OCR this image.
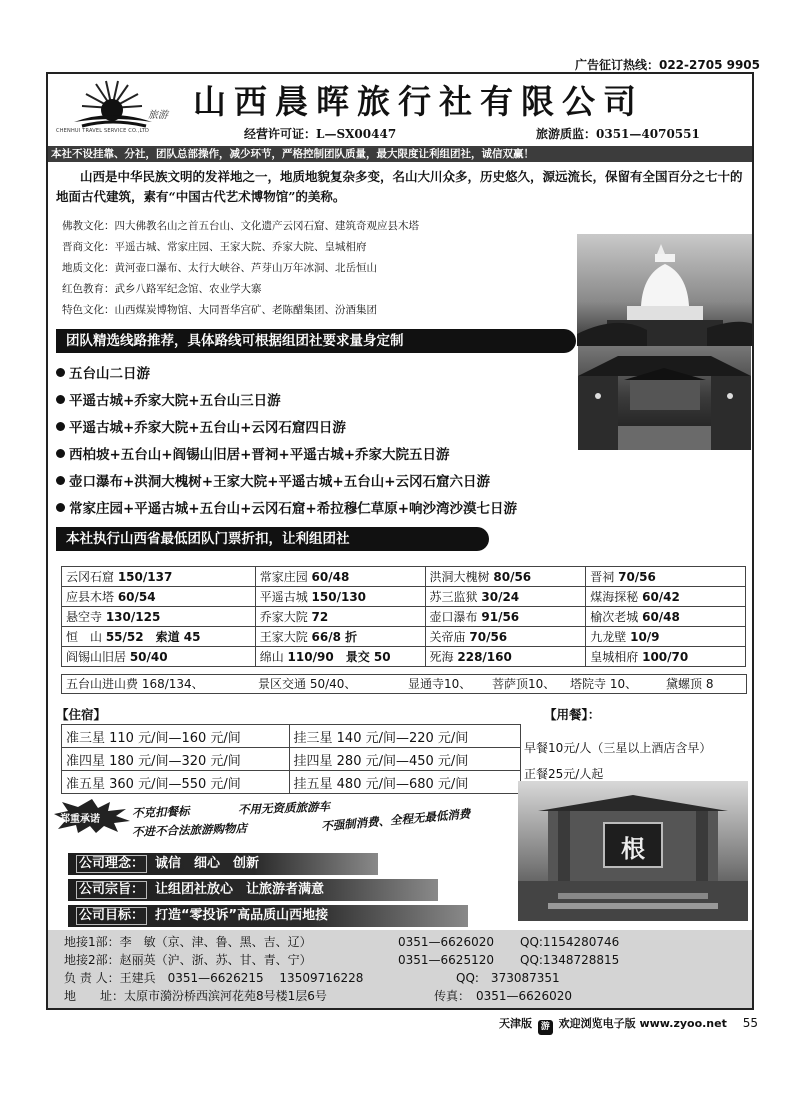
广告征订热线：022-2705 9905
CHENHUI TRAVEL SERVICE CO.,LTD
旅游 山西晨晖旅行社有限公司
经营许可证：L—SX00447	旅游质监：0351—4070551
本社不设挂靠、分社，团队总部操作，减少环节，严格控制团队质量，最大限度让利组团社，诚信双赢！
山西是中华民族文明的发祥地之一，地质地貌复杂多变，名山大川众多，历史悠久，源远流长，保留有全国百分之七十的地面古代建筑，素有“中国古代艺术博物馆”的美称。
佛教文化：四大佛教名山之首五台山、文化遗产云冈石窟、建筑奇观应县木塔
晋商文化：平遥古城、常家庄园、王家大院、乔家大院、皇城相府
地质文化：黄河壶口瀑布、太行大峡谷、芦芽山万年冰洞、北岳恒山
红色教育：武乡八路军纪念馆、农业学大寨
特色文化：山西煤炭博物馆、大同晋华宫矿、老陈醋集团、汾酒集团
团队精选线路推荐，具体路线可根据组团社要求量身定制
五台山二日游
平遥古城+乔家大院+五台山三日游
平遥古城+乔家大院+五台山+云冈石窟四日游
西柏坡+五台山+阎锡山旧居+晋祠+平遥古城+乔家大院五日游
壶口瀑布+洪洞大槐树+王家大院+平遥古城+五台山+云冈石窟六日游
常家庄园+平遥古城+五台山+云冈石窟+希拉穆仁草原+响沙湾沙漠七日游
本社执行山西省最低团队门票折扣，让利组团社
云冈石窟 150/137	常家庄园 60/48	洪洞大槐树 80/56	晋祠 70/56
应县木塔 60/54	平遥古城 150/130	苏三监狱 30/24	煤海探秘 60/42
悬空寺 130/125	乔家大院 72	壶口瀑布 91/56	榆次老城 60/48
恒　山 55/52　索道 45	王家大院 66/8 折	关帝庙 70/56	九龙壁 10/9
阎锡山旧居 50/40	绵山 110/90　景交 50	死海 228/160	皇城相府 100/70
五台山进山费 168/134、	景区交通 50/40、	显通寺10、 菩萨顶10、 塔院寺 10、 黛螺顶 8
【住宿】	【用餐】：
准三星 110 元/间—160 元/间	挂三星 140 元/间—220 元/间
准四星 180 元/间—320 元/间	挂四星 280 元/间—450 元/间
准五星 360 元/间—550 元/间	挂五星 480 元/间—680 元/间
早餐10元/人（三星以上酒店含早）
正餐25元/人起
根
郑重承诺	不克扣餐标	不用无资质旅游车
不进不合法旅游购物店	不强制消费、全程无最低消费
公司理念： 诚信　细心　创新
公司宗旨： 让组团社放心　让旅游者满意
公司目标： 打造“零投诉”高品质山西地接
地接1部：李　敏（京、津、鲁、黑、吉、辽）	0351—6626020 QQ:1154280746
地接2部：赵丽英（沪、浙、苏、甘、青、宁）	0351—6625120 QQ:1348728815
负 责 人：王建兵　0351—6626215　 13509716228	QQ:　373087351
地　　址：太原市漪汾桥西滨河花苑8号楼1层6号	传真：　0351—6626020
天津版 游 欢迎浏览电子版 www.zyoo.net 55
